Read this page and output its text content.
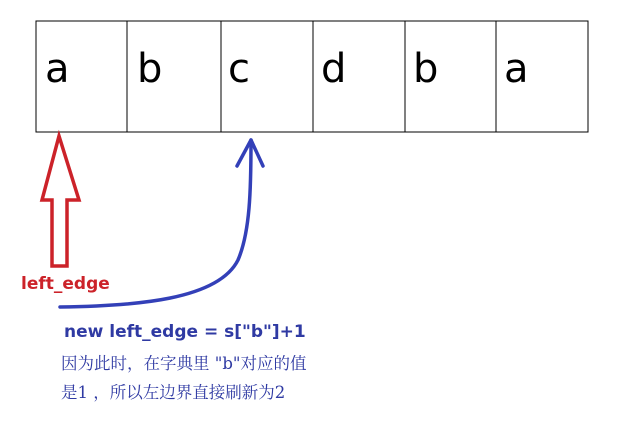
a b c d b a
left_edge
new left_edge = s["b"]+1
因为此时，在字典里 "b"对应的值
是1 ，所以左边界直接刷新为2
